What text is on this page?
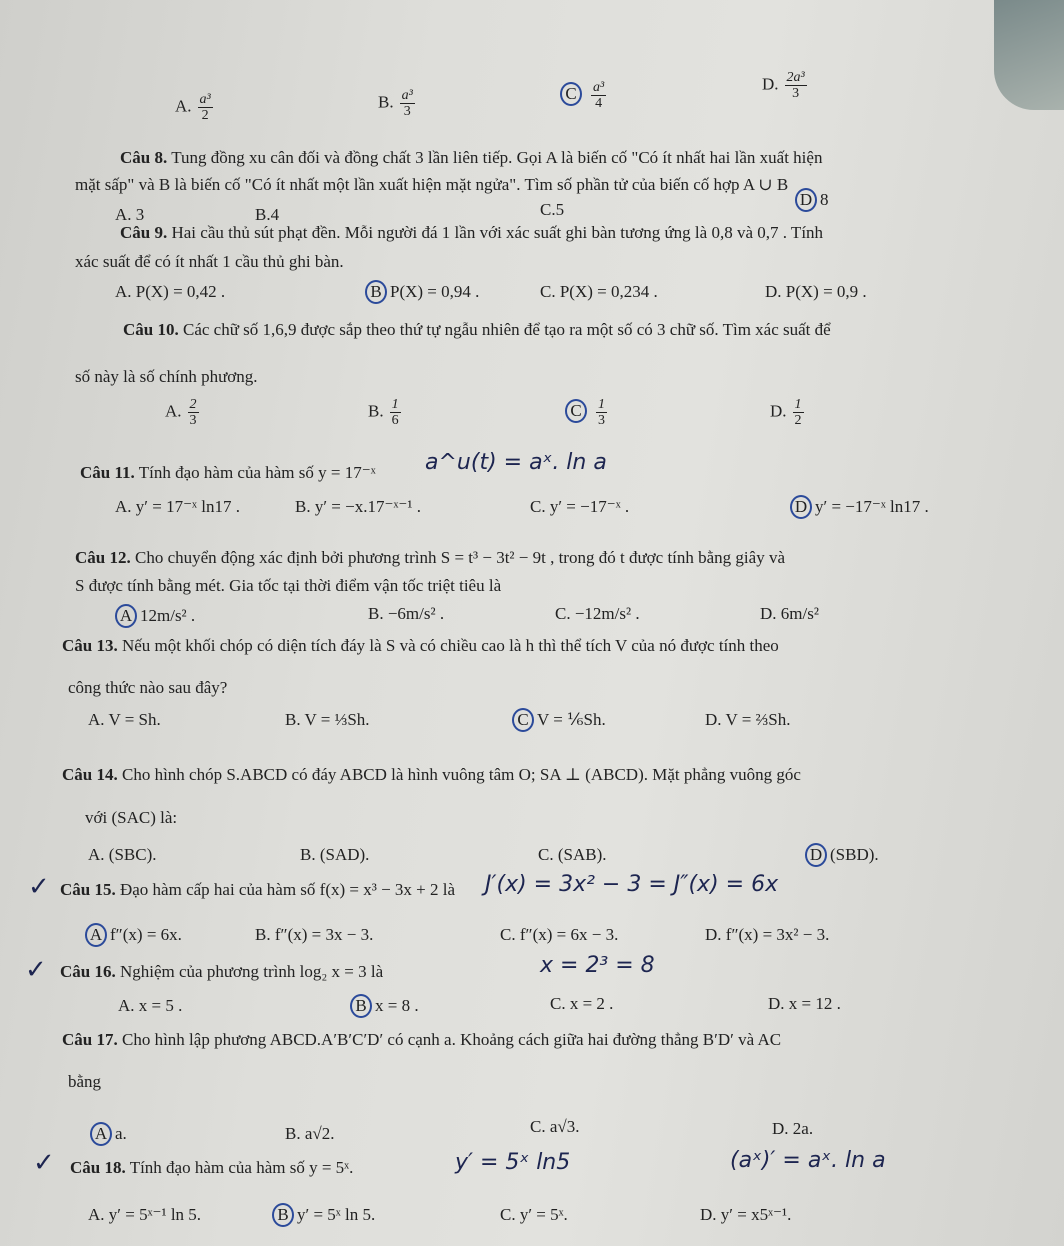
A. $\frac{\text{a³}}{2}$	B. $\frac{\text{a³}}{3}$	C $\frac{\text{a³}}{4}$	D. $\frac{\text{2a³}}{3}$
Câu 8. Tung đồng xu cân đối và đồng chất 3 lần liên tiếp. Gọi A là biến cố "Có ít nhất hai lần xuất hiện
mặt sấp" và B là biến cố "Có ít nhất một lần xuất hiện mặt ngửa". Tìm số phần tử của biến cố hợp A ∪ B
A. 3	B.4	C.5
D 8
Câu 9. Hai cầu thủ sút phạt đền. Mỗi người đá 1 lần với xác suất ghi bàn tương ứng là 0,8 và 0,7 . Tính
xác suất để có ít nhất 1 cầu thủ ghi bàn.
A. P(X) = 0,42 .	B P(X) = 0,94 .	C. P(X) = 0,234 .	D. P(X) = 0,9 .
Câu 10. Các chữ số 1,6,9 được sắp theo thứ tự ngẫu nhiên để tạo ra một số có 3 chữ số. Tìm xác suất để
số này là số chính phương.
A. $\frac{2}{3}$	B. $\frac{1}{6}$	C $\frac{1}{3}$	D. $\frac{1}{2}$
Câu 11. Tính đạo hàm của hàm số y = 17⁻ˣ a^u(t) = aˣ. ln a
A. y′ = 17⁻ˣ ln17 .	B. y′ = −x.17⁻ˣ⁻¹ .	C. y′ = −17⁻ˣ .	D y′ = −17⁻ˣ ln17 .
Câu 12. Cho chuyển động xác định bởi phương trình S = t³ − 3t² − 9t , trong đó t được tính bằng giây và
S được tính bằng mét. Gia tốc tại thời điểm vận tốc triệt tiêu là
A 12m/s² .	B. −6m/s² .	C. −12m/s² .	D. 6m/s²
Câu 13. Nếu một khối chóp có diện tích đáy là S và có chiều cao là h thì thể tích V của nó được tính theo
công thức nào sau đây?
A. V = Sh.	B. V = ⅓Sh.	C V = ⅙Sh.	D. V = ⅔Sh.
Câu 14. Cho hình chóp S.ABCD có đáy ABCD là hình vuông tâm O; SA ⊥ (ABCD). Mặt phẳng vuông góc
với (SAC) là:
A. (SBC).	B. (SAD).	C. (SAB).	D (SBD).
✓ Câu 15. Đạo hàm cấp hai của hàm số f(x) = x³ − 3x + 2 là J′(x) = 3x² − 3 = J″(x) = 6x
A f″(x) = 6x.	B. f″(x) = 3x − 3.	C. f″(x) = 6x − 3.	D. f″(x) = 3x² − 3.
✓ Câu 16. Nghiệm của phương trình log₂ x = 3 là	x = 2³ = 8
A. x = 5 .	B x = 8 .	C. x = 2 .	D. x = 12 .
Câu 17. Cho hình lập phương ABCD.A′B′C′D′ có cạnh a. Khoảng cách giữa hai đường thẳng B′D′ và AC
bằng
A a.	B. a√2.	C. a√3.	D. 2a.
✓ Câu 18. Tính đạo hàm của hàm số y = 5ˣ.	y′ = 5ˣ ln5	(aˣ)′ = aˣ. ln a
A. y′ = 5ˣ⁻¹ ln 5.	B y′ = 5ˣ ln 5.	C. y′ = 5ˣ.	D. y′ = x5ˣ⁻¹.
